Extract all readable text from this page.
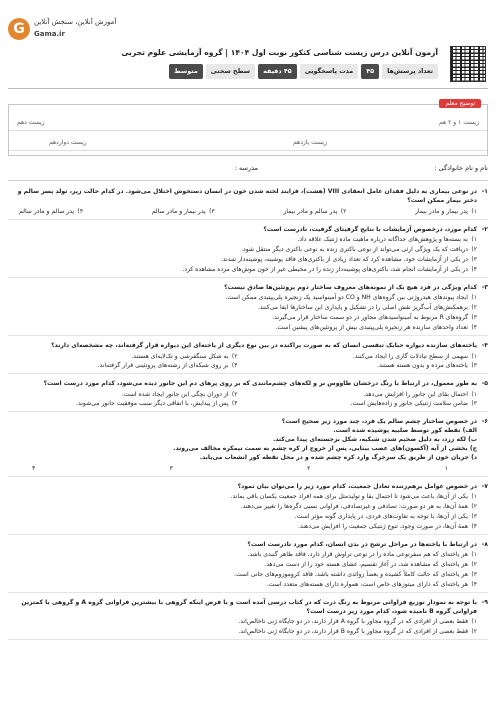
G	آموزش آنلاین، سنجش آنلاین
Gama.ir
آزمون آنلاین درس زیست شناسی کنکور نوبت اول ۱۴۰۴ | گروه آزمایشی علوم تجربی
تعداد پرسش‌ها
۴۵
مدت پاسخگویی
۴۵ دقیقه
سطح سختی
متوسط
توضیح معلم
زیست ۱ و ۲ هم
زیست دهم
زیست یازدهم
زیست دوازدهم
نام و نام خانوادگی :
مدرسه :
۱-
در نوعی بیماری به دلیل فقدان عامل انعقادی VIII (هشت)، فرایند لخته شدن خون در انسان دستخوش اختلال می‌شود. در کدام حالت زیر، تولد پسر سالم و دختر بیمار ممکن است؟
۱)
پدر بیمار و مادر بیمار
۲)
پدر سالم و مادر بیمار
۳)
پدر بیمار و مادر سالم
۴)
پدر سالم و مادر سالم
۲-
کدام مورد، درخصوص آزمایشات با نتایج گرفیتای گرفیت، نادرست است؟
۱)
به بسته‌ها و پژوهش‌های جداگانه درباره ماهیت ماده ژنتیک علاقه داد.
۲)
دریافت که یک ویژگی ارثی می‌تواند از نوعی باکتری زنده به نوعی باکتری دیگر منتقل شود.
۳)
در یکی از آزمایشات خود، مشاهده کرد که تعداد زیادی از باکتری‌های فاقد پوشینه، پوشینه‌دار شدند.
۴)
در یکی از آزمایشات انجام شد، باکتری‌های پوشینه‌دار زنده را در محیطی غیر از خون موش‌های مرده مشاهده کرد.
۳-
کدام ویژگی در فرد هیچ یک از نمونه‌های معروف ساختار دوم پروتئین‌ها صادق نیست؟
۱)
ایجاد پیوندهای هیدروژنی بین گروه‌های NH و CO دو آمینواسید یک زنجیره پلی‌پپتیدی ممکن است.
۲)
برهمکنش‌های آب‌گریز نقش اصلی را در تشکیل و پایداری این ساختارها ایفا می‌کنند.
۳)
گروه‌های R مربوط به آمینواسیدهای مجاور در دو سمت ساختار قرار می‌گیرند.
۴)
تعداد واحدهای سازنده هر زنجیره پلی‌پپتیدی بیش از پروتئین‌های پیشین است.
۴-
یاخته‌های سازنده دیواره حبابک تنفسی انسان که به صورت پراکنده در بین نوع دیگری از یاخته‌ای این دیواره قرار گرفته‌اند، چه مشخصه‌ای دارند؟
۱)
سهمی از سطح تبادلات گازی را ایجاد می‌کنند.
۲)
به شکل سنگفرشی و تک‌لایه‌ای هستند.
۳)
یاخته‌های مرده و بدون هسته هستند.
۴)
بر روی شبکه‌ای از رشته‌های پروتئینی قرار گرفته‌اند.
۵-
به طور معمول، در ارتباط با رنگ درخشان طاووس نر و لکه‌های چشم‌مانندی که بر روی پرهای دم این جانور دیده می‌شود، کدام مورد درست است؟
۱)
احتمال بقای این جانور را افزایش می‌دهد.
۲)
از دوران بچگی این جانور ایجاد شده است.
۳)
ضامن سلامت ژنتیکی جانور و زاده‌هایش است.
۴)
پس از پیدایش، با اتفاقی دیگر سبب موفقیت جانور می‌شوند.
۶-
در خصوص ساختار چشم سالم یک فرد، چند مورد زیر صحیح است؟
الف) نقطه کور توسط صلبیه پوشیده شده است.
ب) لکه زرد، به دلیل ضخیم شدن شبکیه، شکل برجسته‌ای پیدا می‌کند.
ج) بخشی از آبه (آکسون)های عصب بینایی، پس از خروج از کره چشم به سمت نیمکره مخالف می‌روند.
د) جریان خون از طریق یک سرخرگ وارد کره چشم شده و در محل نقطه کور انشعاب می‌یابد.
۱
۲
۳
۴
۷-
در خصوص عوامل برهم‌زننده تعادل جمعیت، کدام مورد زیر را می‌توان بیان نمود؟
۱)
یکی از آن‌ها، باعث می‌شود تا احتمال بقا و تولیدمثل برای همه افراد جمعیت یکسان باقی بماند.
۲)
همهٔ آن‌ها، به هر دو صورت: تصادفی و غیرتصادفی، فراوانی نسبی دگره‌ها را تغییر می‌دهند.
۳)
یکی از آن‌ها، با توجه به تفاوت‌های فردی، در پایداری گونه مؤثر است.
۴)
همهٔ آن‌ها، در صورت وجود، تنوع ژنتیکی جمعیت را افزایش می‌دهند.
۸-
در ارتباط با یاخته‌ها در مراحل ترشح در بدن انسان، کدام مورد نادرست است؟
۱)
هر یاخته‌ای که هم سفرنوعی ماده را در نوعی تراوش قرار دارد، فاقد ظاهر گنبدی باشد.
۲)
هر یاخته‌ای که مشاهده شد، در آغاز تقسیم، غشای هسته خود را از دست می‌دهد.
۳)
هر یاخته‌ای که حالت کاملاً کشیده و بعضاً زوائدی داشته باشد، فاقد کروموزوم‌های جانی است.
۴)
هر یاخته‌ای که دارای میتوزهای خاص است، همواره دارای هسته‌های متعدد است.
۹-
با توجه به نمودار توزیع فراوانی مربوط به رنگ ذرت که در کتاب درسی آمده است و با فرض اینکه گروهی با بیشترین فراوانی گروه A و گروهی با کمترین فراوانی گروه B نامیده شود، کدام مورد زیر درست است؟
۱)
فقط بعضی از افرادی که در گروه مجاور با گروه A قرار دارند، در دو جایگاه ژنی ناخالص‌اند.
۲)
فقط بعضی از افرادی که در گروه مجاور با گروه B قرار دارند، در دو جایگاه ژنی ناخالص‌اند.
